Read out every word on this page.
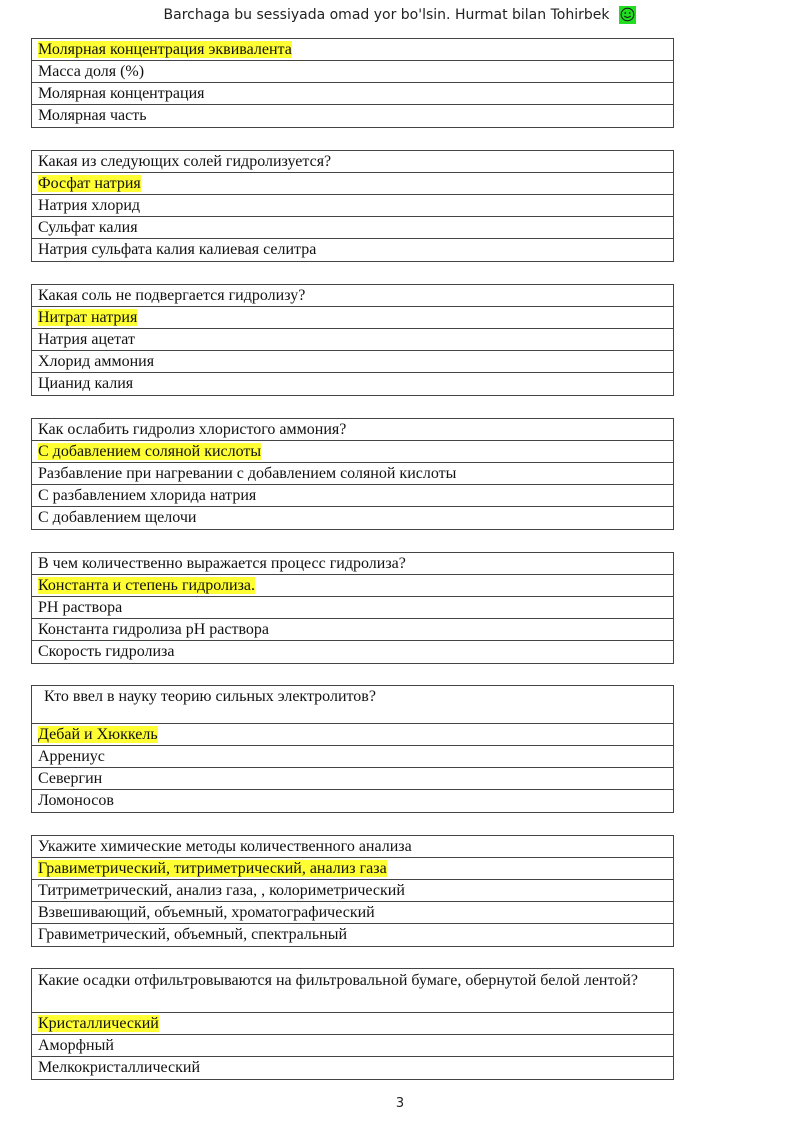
Barchaga bu sessiyada omad yor bo'lsin. Hurmat bilan Tohirbek
Молярная концентрация эквивалента
Масса доля (%)
Молярная концентрация
Молярная часть
Какая из следующих солей гидролизуется?
Фосфат натрия
Натрия хлорид
Сульфат калия
Натрия сульфата калия калиевая селитра
Какая соль не подвергается гидролизу?
Нитрат натрия
Натрия ацетат
Хлорид аммония
Цианид калия
Как ослабить гидролиз хлористого аммония?
С добавлением соляной кислоты
Разбавление при нагревании с добавлением соляной кислоты
С разбавлением хлорида натрия
С добавлением щелочи
В чем количественно выражается процесс гидролиза?
Константа и степень гидролиза.
PH раствора
Константа гидролиза pH раствора
Скорость гидролиза
Кто ввел в науку теорию сильных электролитов?
Дебай и Хюккель
Аррениус
Севергин
Ломоносов
Укажите химические методы количественного анализа
Гравиметрический, титриметрический, анализ газа
Титриметрический, анализ газа, , колориметрический
Взвешивающий, объемный, хроматографический
Гравиметрический, объемный, спектральный
Какие осадки отфильтровываются на фильтровальной бумаге, обернутой белой лентой?
Кристаллический
Аморфный
Мелкокристаллический
3
